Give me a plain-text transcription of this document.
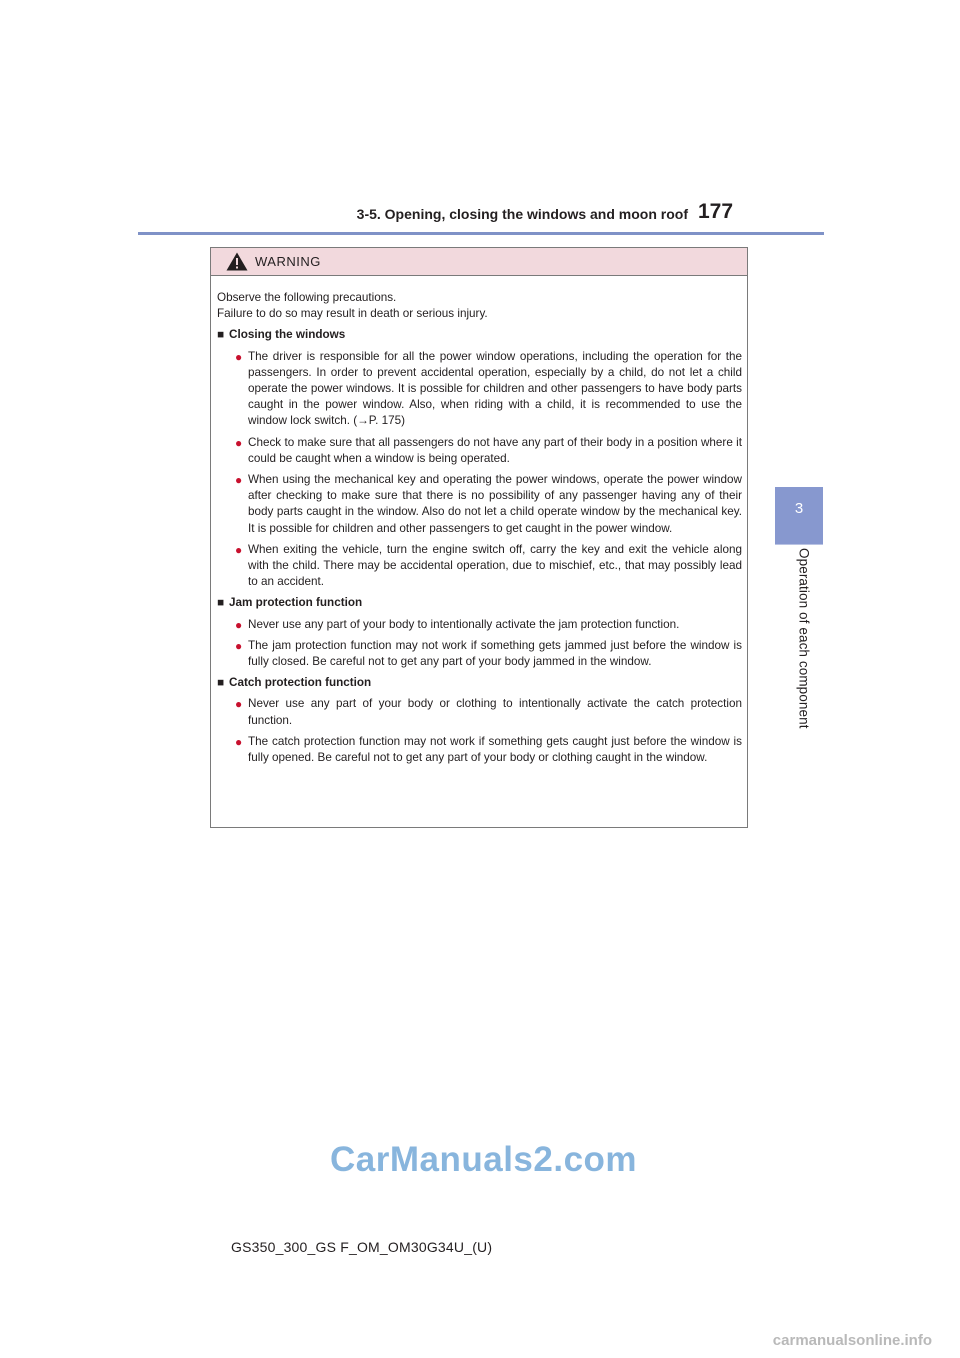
3-5. Opening, closing the windows and moon roof 177
3
Operation of each component
WARNING

Observe the following precautions.

Failure to do so may result in death or serious injury.

■ Closing the windows
● The driver is responsible for all the power window operations, including the operation for the passengers. In order to prevent accidental operation, especially by a child, do not let a child operate the power windows. It is possible for children and other passengers to have body parts caught in the power window. Also, when riding with a child, it is recommended to use the window lock switch. (→P. 175)
● Check to make sure that all passengers do not have any part of their body in a position where it could be caught when a window is being operated.
● When using the mechanical key and operating the power windows, operate the power window after checking to make sure that there is no possibility of any passenger having any of their body parts caught in the window. Also do not let a child operate window by the mechanical key. It is possible for children and other passengers to get caught in the power window.
● When exiting the vehicle, turn the engine switch off, carry the key and exit the vehicle along with the child. There may be accidental operation, due to mischief, etc., that may possibly lead to an accident.
■ Jam protection function
● Never use any part of your body to intentionally activate the jam protection function.
● The jam protection function may not work if something gets jammed just before the window is fully closed. Be careful not to get any part of your body jammed in the window.
■ Catch protection function
● Never use any part of your body or clothing to intentionally activate the catch protection function.
● The catch protection function may not work if something gets caught just before the window is fully opened. Be careful not to get any part of your body or clothing caught in the window.
CarManuals2.com
GS350_300_GS F_OM_OM30G34U_(U)
carmanualsonline.info
